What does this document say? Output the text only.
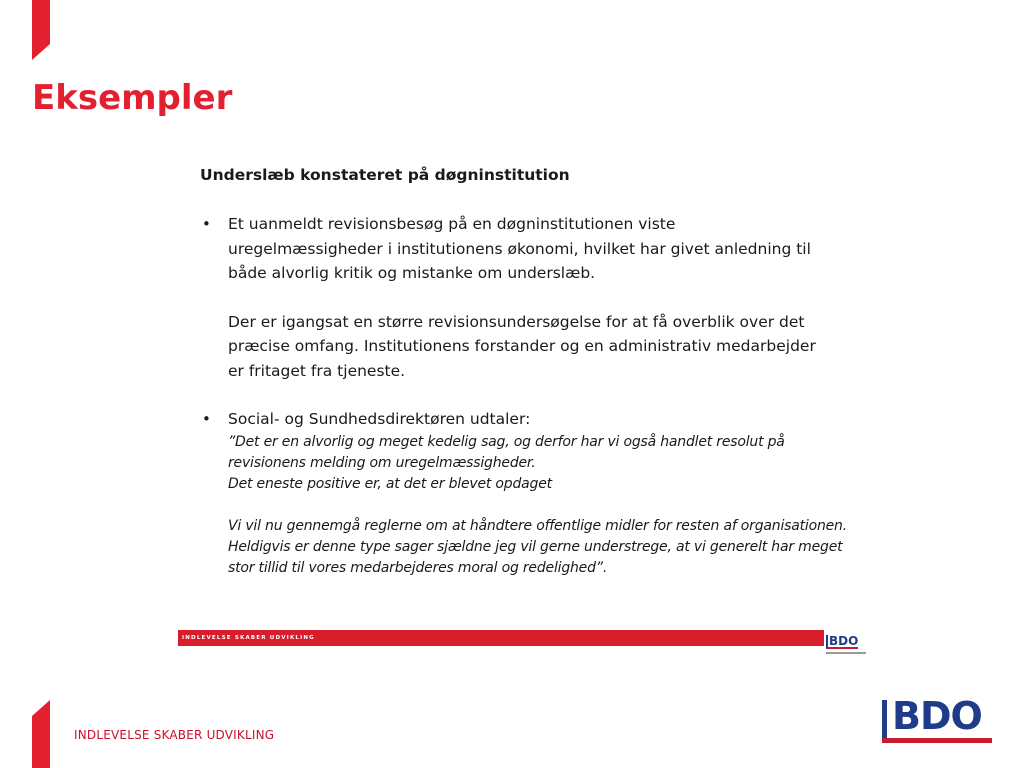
Eksempler

Underslæb konstateret på døgninstitution

• Et uanmeldt revisionsbesøg på en døgninstitutionen viste
uregelmæssigheder i institutionens økonomi, hvilket har givet anledning til
både alvorlig kritik og mistanke om underslæb.

Der er igangsat en større revisionsundersøgelse for at få overblik over det
præcise omfang. Institutionens forstander og en administrativ medarbejder
er fritaget fra tjeneste.

• Social- og Sundhedsdirektøren udtaler:

”Det er en alvorlig og meget kedelig sag, og derfor har vi også handlet resolut på
revisionens melding om uregelmæssigheder.
Det eneste positive er, at det er blevet opdaget

Vi vil nu gennemgå reglerne om at håndtere offentlige midler for resten af organisationen.
Heldigvis er denne type sager sjældne jeg vil gerne understrege, at vi generelt har meget
stor tillid til vores medarbejderes moral og redelighed”.

INDLEVELSE SKABER UDVIKLING	BDO
INDLEVELSE SKABER UDVIKLING	BDO
